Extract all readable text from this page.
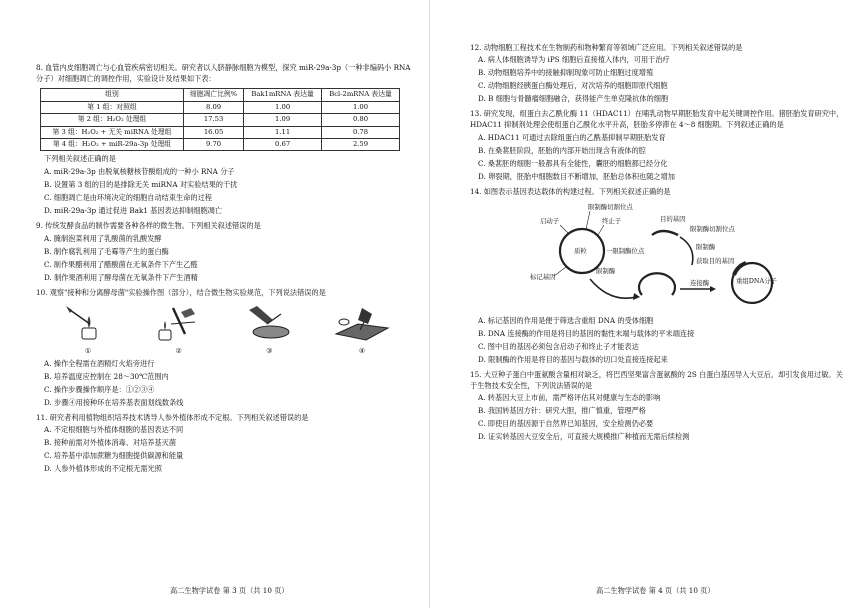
8. 血管内皮细胞凋亡与心血管疾病密切相关。研究者以人脐静脉细胞为模型，探究 miR-29a-3p（一种非编码小 RNA 分子）对细胞凋亡的调控作用，实验设计及结果如下表：
组别	细胞凋亡比例%	Bak1mRNA 表达量	Bcl-2mRNA 表达量
第 1 组：对照组	8.09	1.00	1.00
第 2 组：H₂O₂ 处理组	17.53	1.09	0.80
第 3 组：H₂O₂ + 无关 miRNA 处理组	16.05	1.11	0.78
第 4 组：H₂O₂ + miR-29a-3p 处理组	9.70	0.67	2.59
下列相关叙述正确的是
A. miR-29a-3p 由脱氧核糖核苷酸组成的一种小 RNA 分子
B. 设置第 3 组的目的是排除无关 miRNA 对实验结果的干扰
C. 细胞凋亡是由环境决定的细胞自动结束生命的过程
D. miR-29a-3p 通过促进 Bak1 基因表达抑制细胞凋亡
9. 传统发酵食品的制作需要各种各样的微生物。下列相关叙述错误的是
A. 腌制泡菜利用了乳酸菌的乳酸发酵
B. 制作腐乳利用了毛霉等产生的蛋白酶
C. 制作果醋利用了醋酸菌在无氧条件下产生乙醛
D. 制作果酒利用了酵母菌在无氧条件下产生酒精
10. 观察"接种和分离酵母菌"实验操作图（部分），结合微生物实验规范，下列说法错误的是
①	②	③	④
A. 操作全程需在酒精灯火焰旁进行
B. 培养温度应控制在 28～30℃范围内
C. 操作步骤操作顺序是：①②③④
D. 步骤④用接种环在培养基表面划线数条线
11. 研究者利用植物组织培养技术诱导人参外植体形成不定根。下列相关叙述错误的是
A. 不定根细胞与外植体细胞的基因表达不同
B. 接种前需对外植体消毒、对培养基灭菌
C. 培养基中添加蔗糖为细胞提供碳源和能量
D. 人参外植体形成的不定根无需光照
高二生物学试卷 第 3 页（共 10 页）
12. 动物细胞工程技术在生物制药和物种繁育等领域广泛应用。下列相关叙述错误的是
A. 病人体细胞诱导为 iPS 细胞后直接植入体内，可用于治疗
B. 动物细胞培养中的接触抑制现象可防止细胞过度增殖
C. 动物细胞经胰蛋白酶处理后，对次培养的细胞即原代细胞
D. B 细胞与骨髓瘤细胞融合，获得能产生单克隆抗体的细胞
13. 研究发现，组蛋白去乙酰化酶 11（HDAC11）在哺乳动物早期胚胎发育中起关键调控作用。猪胚胎发育研究中，HDAC11 抑制剂处理会使组蛋白乙酰化水平升高，胚胎多停滞在 4～8 细胞期。下列叙述正确的是
A. HDAC11 可通过去除组蛋白的乙酰基抑制早期胚胎发育
B. 在桑葚胚阶段，胚胎的内部开始出现含有液体的腔
C. 桑葚胚的细胞一般都具有全能性，囊胚的细胞都已经分化
D. 卵裂期，胚胎中细胞数目不断增加，胚胎总体积也随之增加
14. 如图表示基因表达载体的构建过程。下列相关叙述正确的是
质粒
限制酶切割位点
启动子	终止子
一限制酶位点
标记基因
限制酶
目的基因
限制酶切割位点
限制酶
获取目的基因
连接酶	重组DNA分子
A. 标记基因的作用是便于筛选含重组 DNA 的受体细胞
B. DNA 连接酶的作用是将目的基因的黏性末端与载体的平末端连接
C. 图中目的基因必须包含启动子和终止子才能表达
D. 限制酶的作用是将目的基因与载体的切口处直接连接起来
15. 大豆种子蛋白中蛋氨酸含量相对缺乏，将巴西坚果富含蛋氨酸的 2S 白蛋白基因导入大豆后，却引发食用过敏。关于生物技术安全性，下列说法错误的是
A. 转基因大豆上市前，需严格评估其对健康与生态的影响
B. 我国转基因方针：研究大胆，推广慎重，管理严格
C. 即使目的基因源于自然界已知基因，安全检测仍必要
D. 证实转基因大豆安全后，可直接大规模推广种植而无需后续检测
高二生物学试卷 第 4 页（共 10 页）
